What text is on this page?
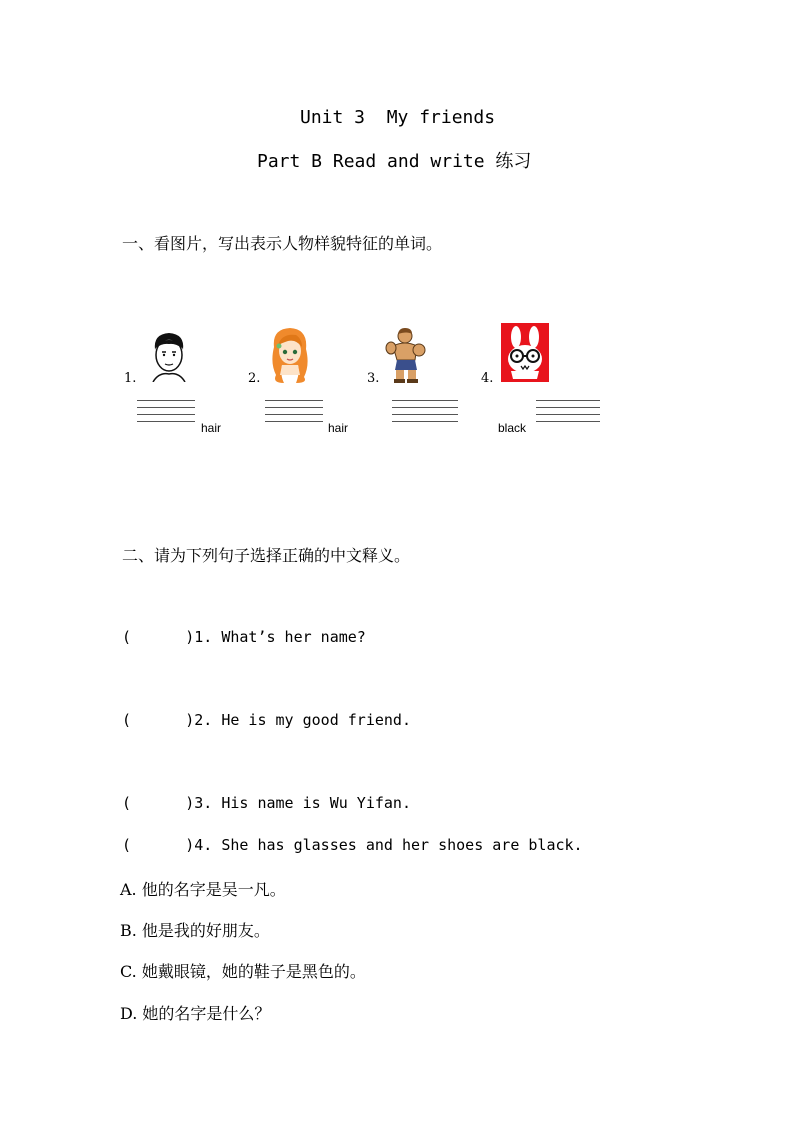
Unit 3  My friends
Part B Read and write 练习
一、看图片，写出表示人物样貌特征的单词。
1.
hair
2.
hair
3.	4.
black
二、请为下列句子选择正确的中文释义。
(      )1. What’s her name?
(      )2. He is my good friend.
(      )3. His name is Wu Yifan.
(      )4. She has glasses and her shoes are black.
A. 他的名字是吴一凡。
B. 他是我的好朋友。
C. 她戴眼镜，她的鞋子是黑色的。
D. 她的名字是什么？
